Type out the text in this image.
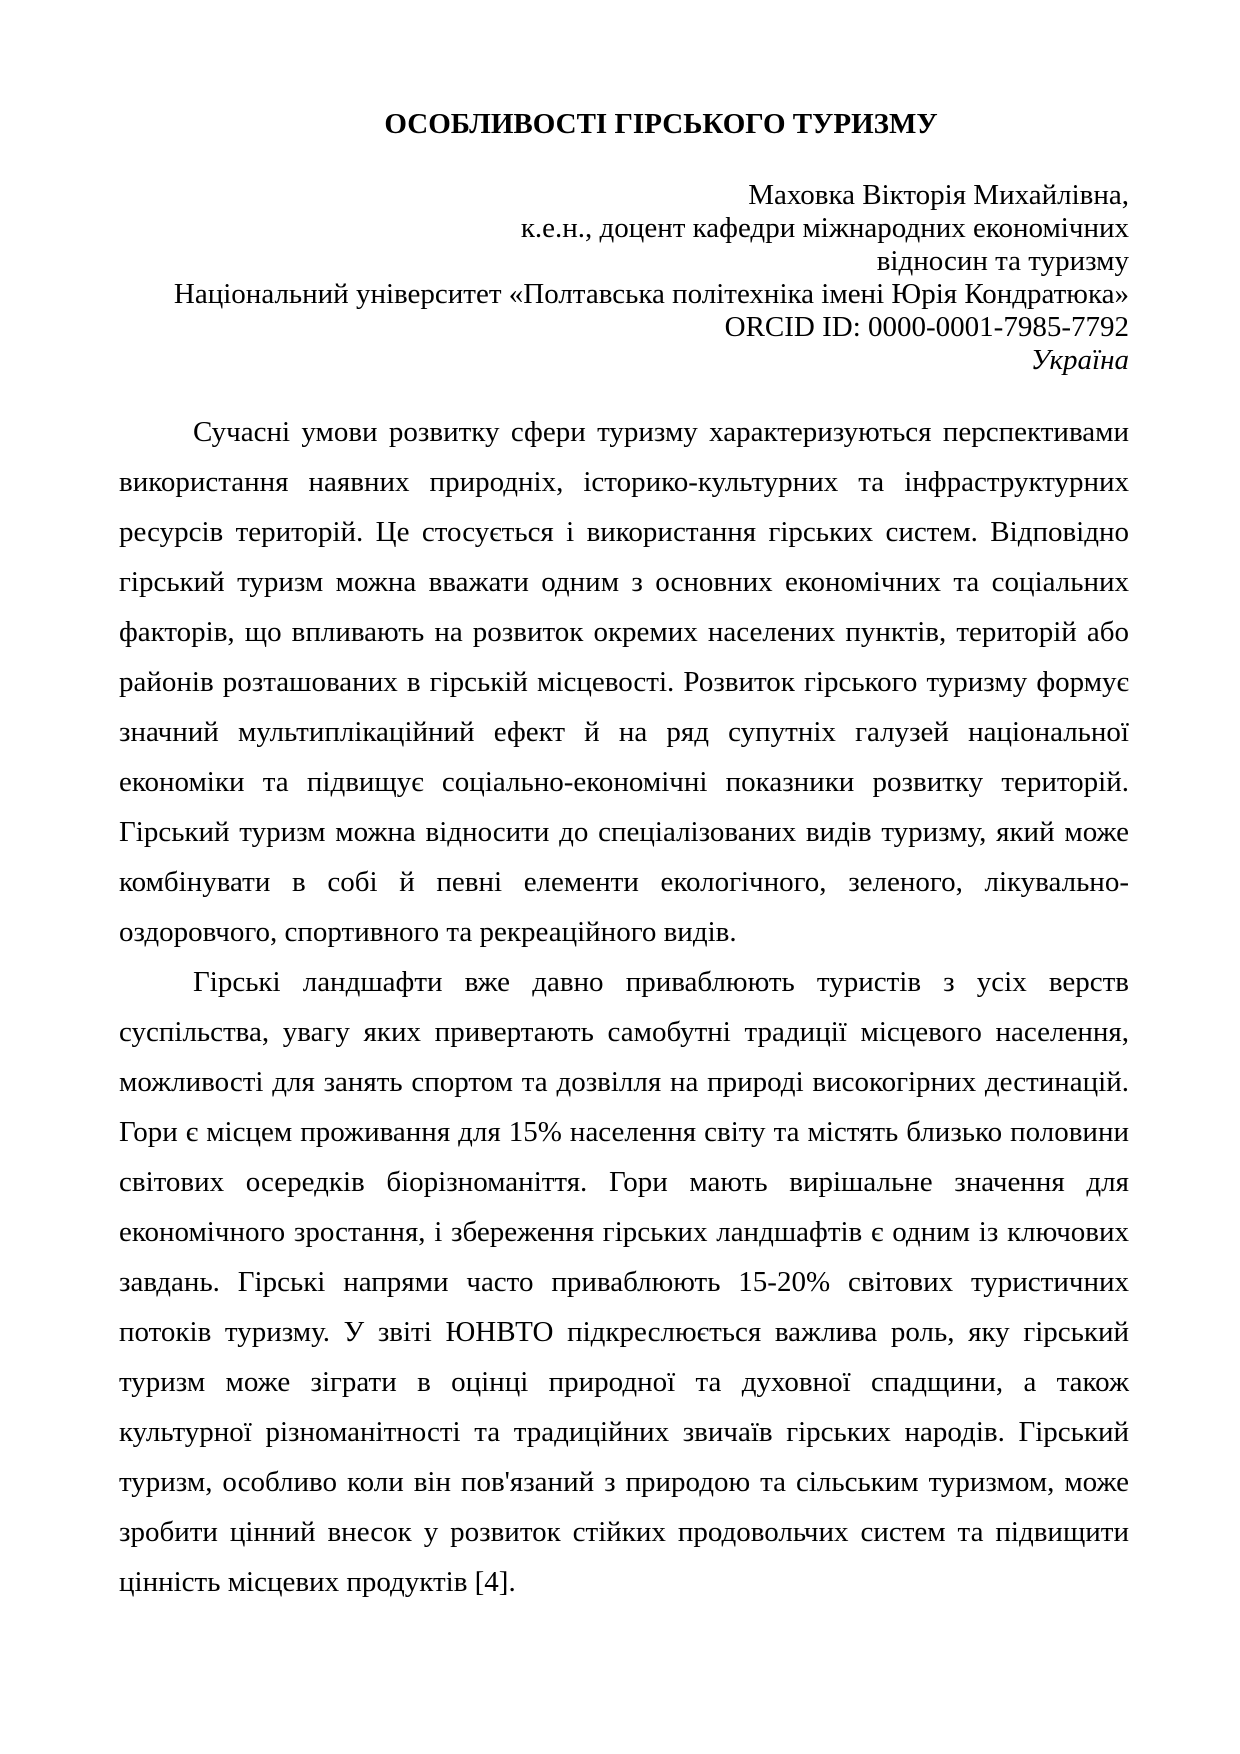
ОСОБЛИВОСТІ ГІРСЬКОГО ТУРИЗМУ
Маховка Вікторія Михайлівна,
к.е.н., доцент кафедри міжнародних економічних
відносин та туризму
Національний університет «Полтавська політехніка імені Юрія Кондратюка»
ORCID ID: 0000-0001-7985-7792
Україна

Сучасні умови розвитку сфери туризму характеризуються перспективами використання наявних природніх, історико-культурних та інфраструктурних ресурсів територій. Це стосується і використання гірських систем. Відповідно гірський туризм можна вважати одним з основних економічних та соціальних факторів, що впливають на розвиток окремих населених пунктів, територій або районів розташованих в гірській місцевості. Розвиток гірського туризму формує значний мультиплікаційний ефект й на ряд супутніх галузей національної економіки та підвищує соціально-економічні показники розвитку територій. Гірський туризм можна відносити до спеціалізованих видів туризму, який може комбінувати в собі й певні елементи екологічного, зеленого, лікувально-оздоровчого, спортивного та рекреаційного видів.

Гірські ландшафти вже давно приваблюють туристів з усіх верств суспільства, увагу яких привертають самобутні традиції місцевого населення, можливості для занять спортом та дозвілля на природі високогірних дестинацій. Гори є місцем проживання для 15% населення світу та містять близько половини світових осередків біорізноманіття. Гори мають вирішальне значення для економічного зростання, і збереження гірських ландшафтів є одним із ключових завдань. Гірські напрями часто приваблюють 15-20% світових туристичних потоків туризму. У звіті ЮНВТО підкреслюється важлива роль, яку гірський туризм може зіграти в оцінці природної та духовної спадщини, а також культурної різноманітності та традиційних звичаїв гірських народів. Гірський туризм, особливо коли він пов'язаний з природою та сільським туризмом, може зробити цінний внесок у розвиток стійких продовольчих систем та підвищити цінність місцевих продуктів [4].
